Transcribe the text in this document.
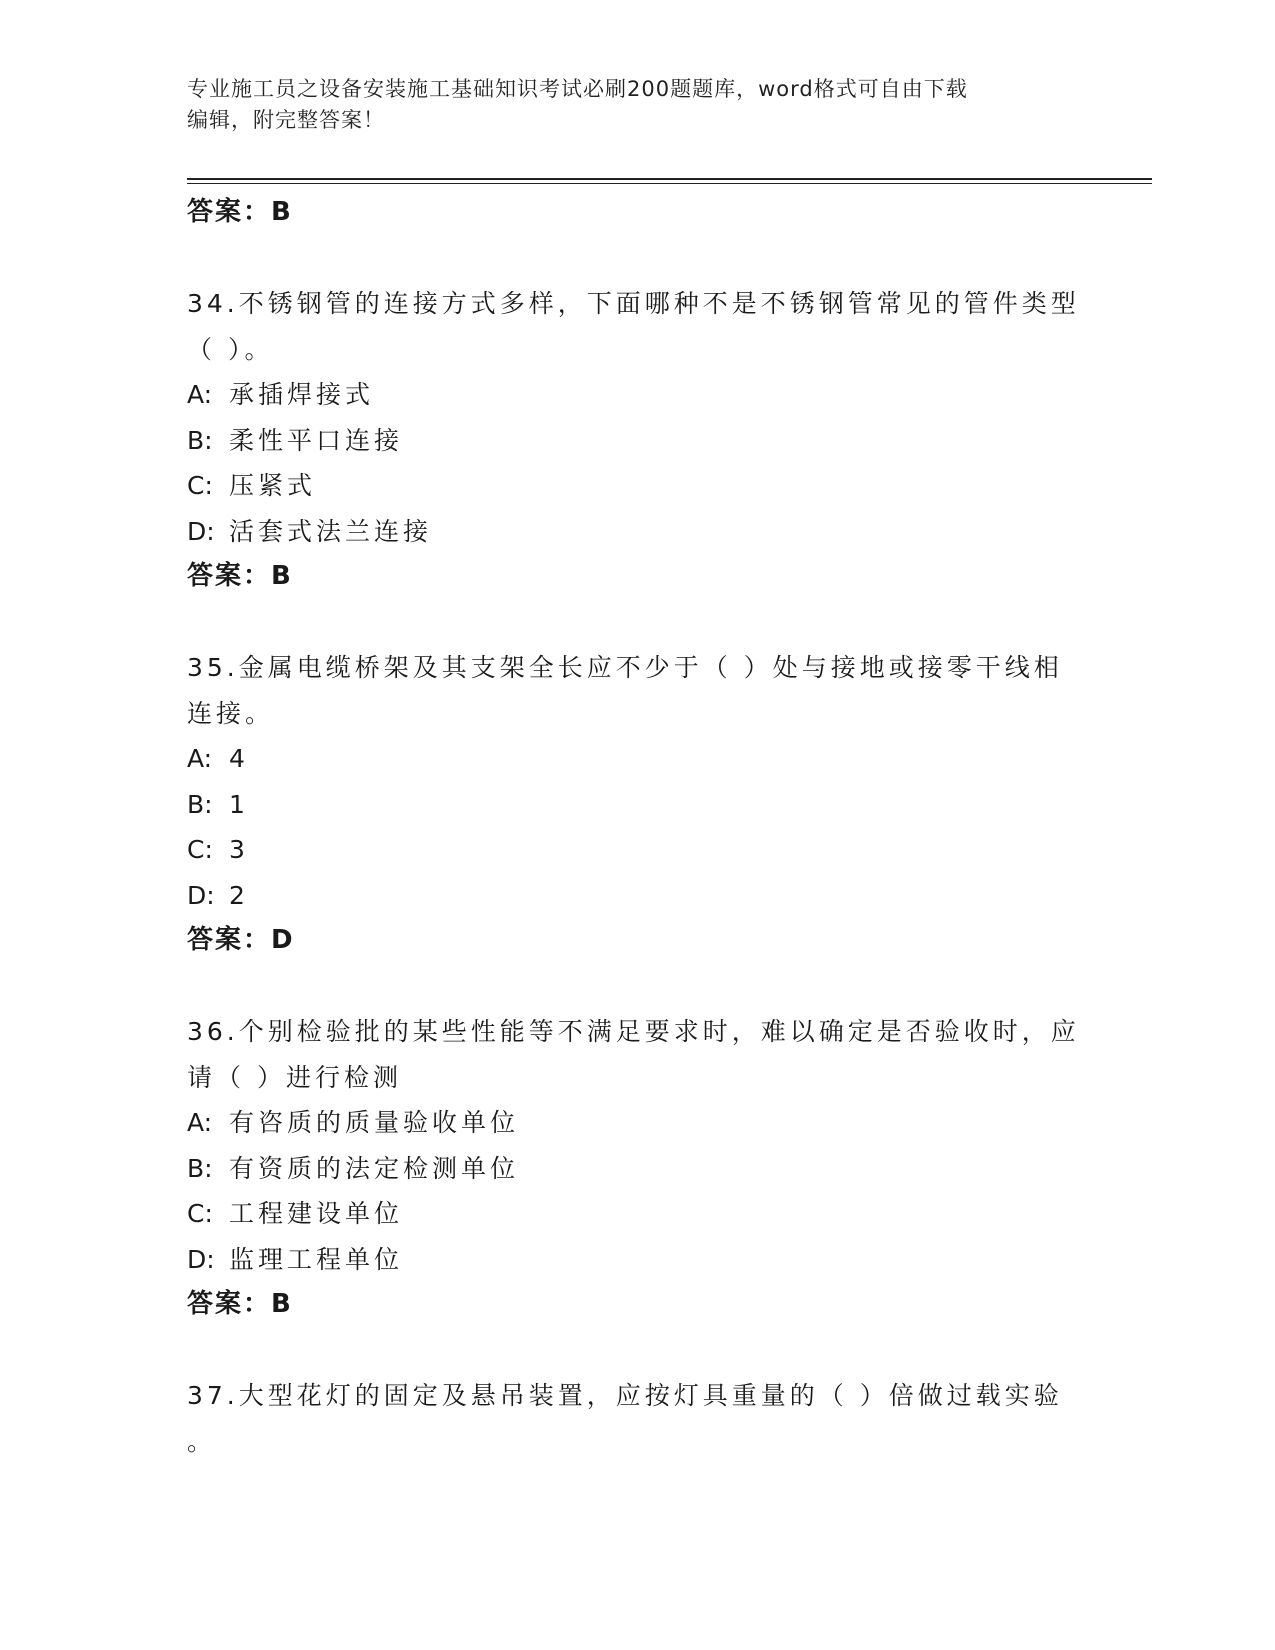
专业施工员之设备安装施工基础知识考试必刷200题题库，word格式可自由下载
编辑，附完整答案！
答案：B
34.不锈钢管的连接方式多样，下面哪种不是不锈钢管常见的管件类型
（ ）。
A: 承插焊接式
B: 柔性平口连接
C: 压紧式
D: 活套式法兰连接
答案：B
35.金属电缆桥架及其支架全长应不少于（ ）处与接地或接零干线相
连接。
A: 4
B: 1
C: 3
D: 2
答案：D
36.个别检验批的某些性能等不满足要求时，难以确定是否验收时，应
请（ ）进行检测
A: 有咨质的质量验收单位
B: 有资质的法定检测单位
C: 工程建设单位
D: 监理工程单位
答案：B
37.大型花灯的固定及悬吊装置，应按灯具重量的（ ）倍做过载实验
。
